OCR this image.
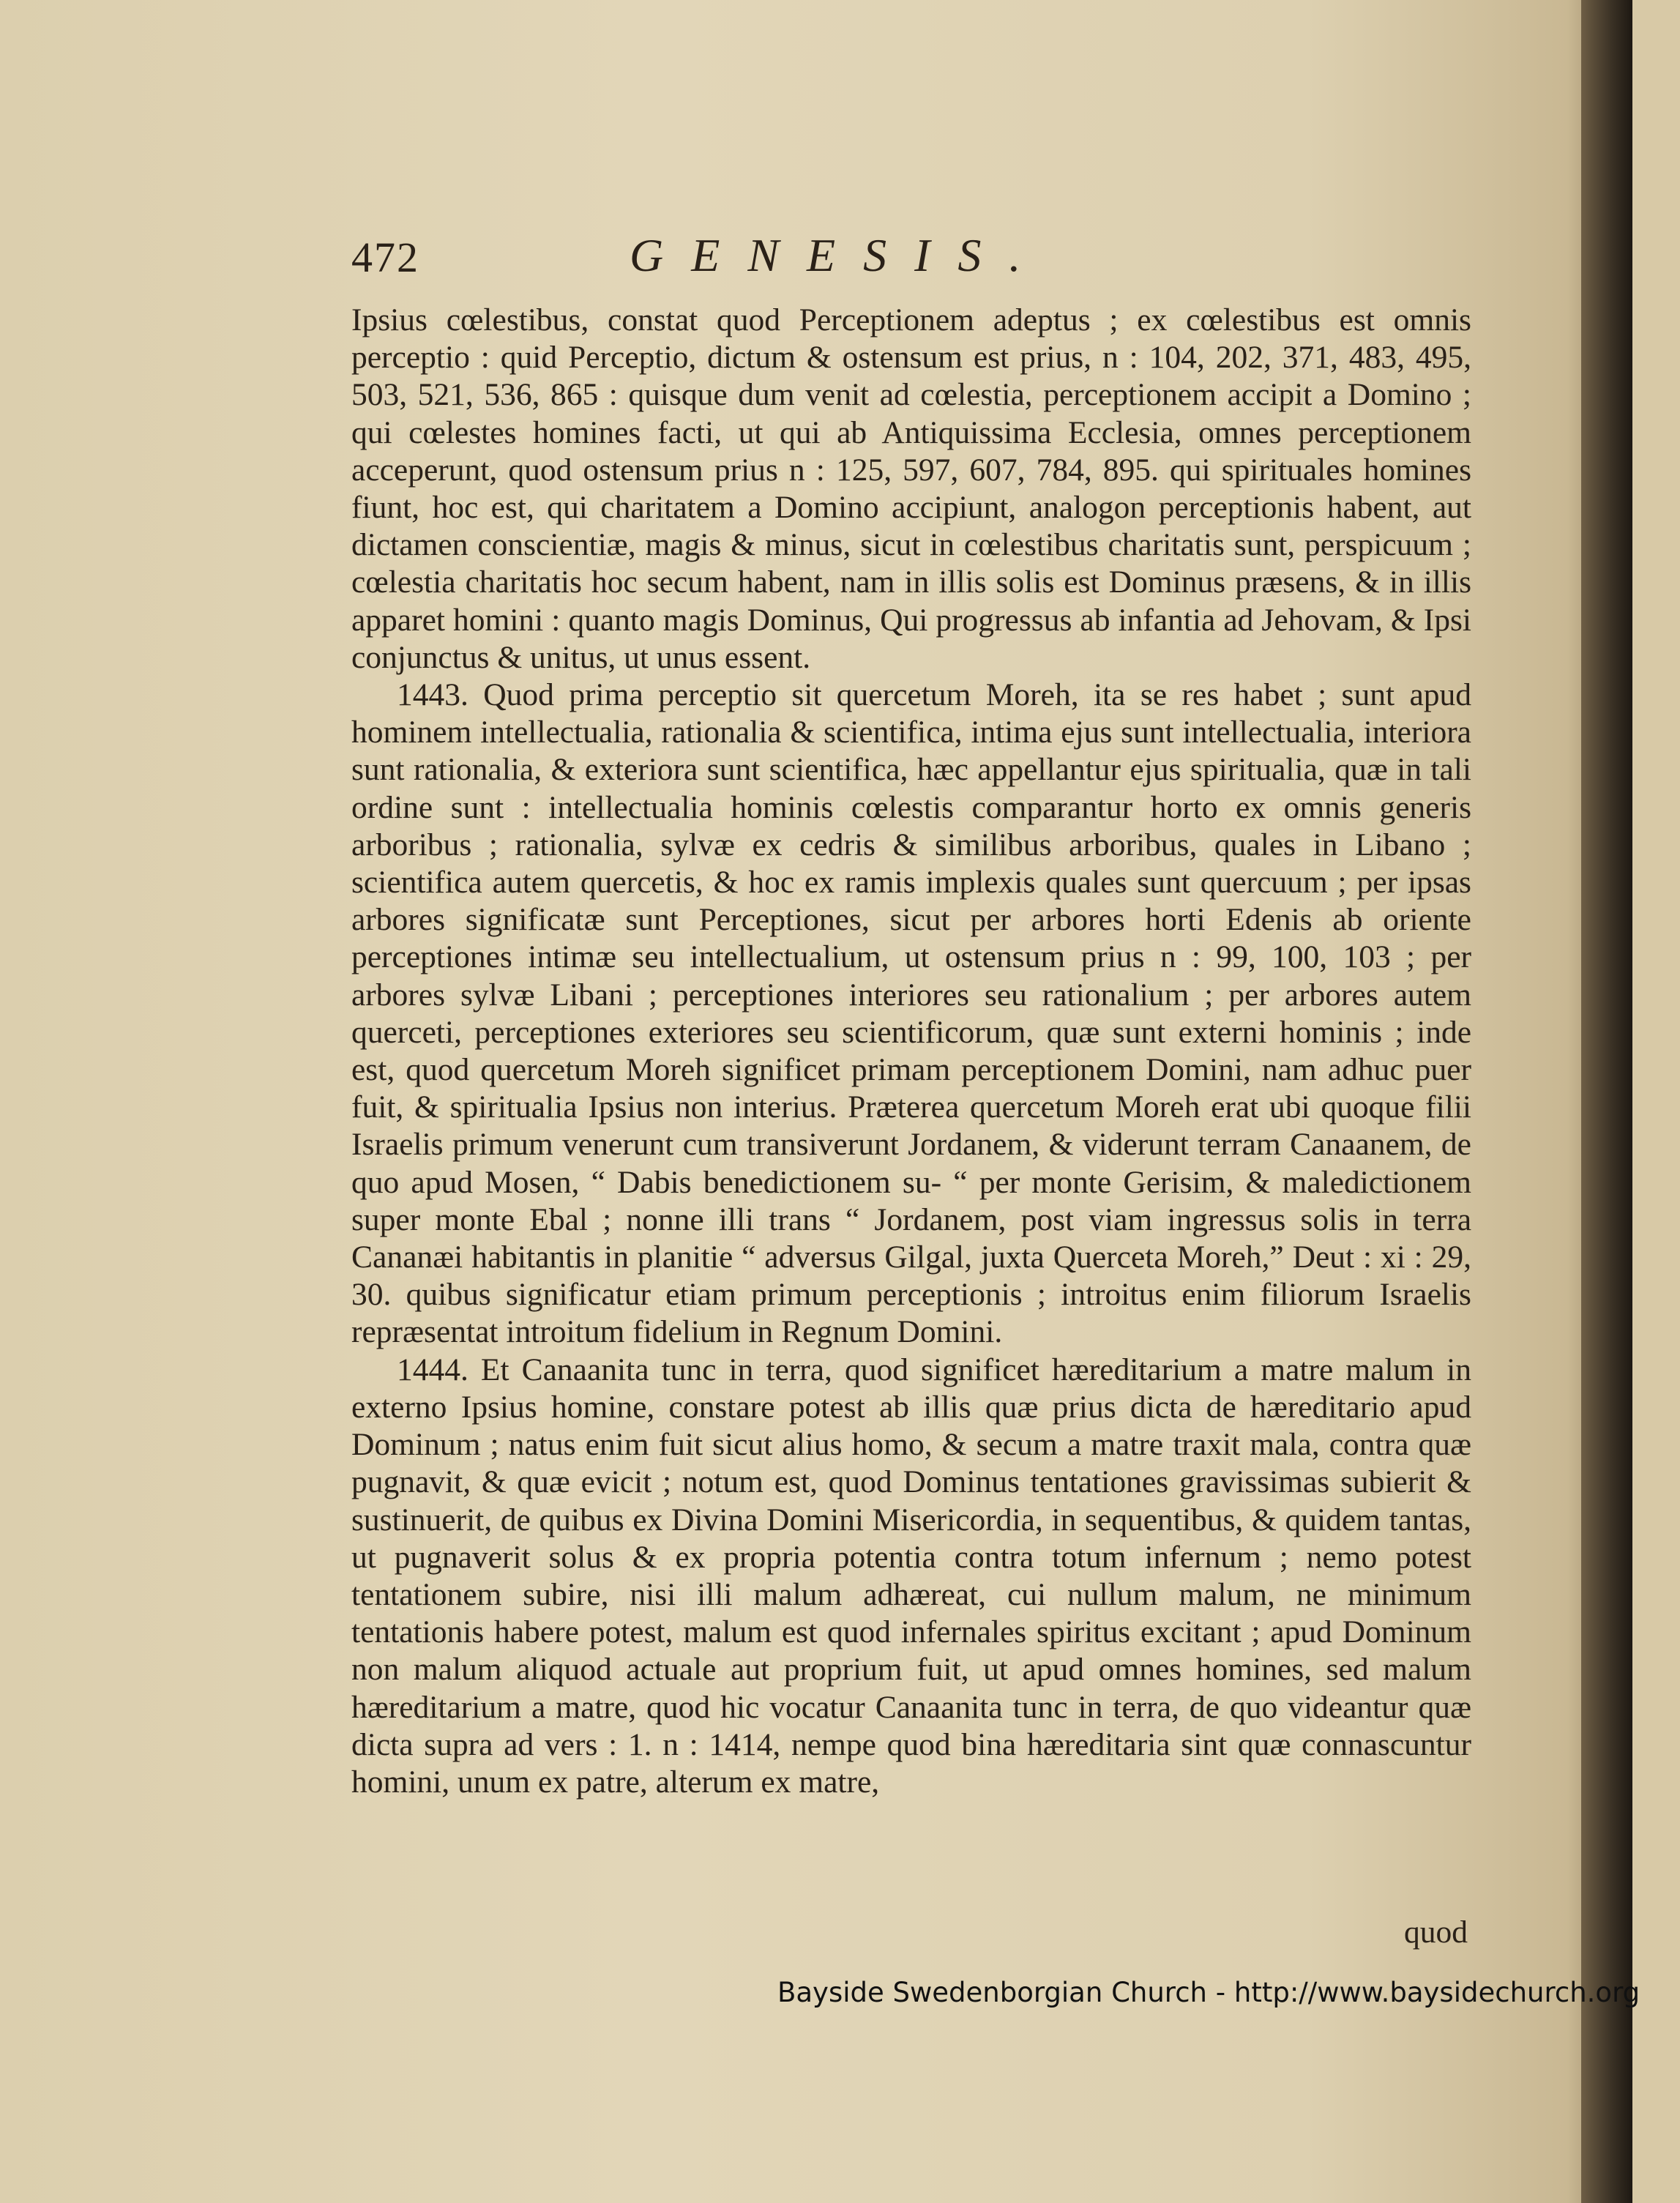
472	GENESIS.

Ipsius cœlestibus, constat quod Perceptionem adeptus ; ex cœlestibus est omnis perceptio : quid Perceptio, dictum & ostensum est prius, n : 104, 202, 371, 483, 495, 503, 521, 536, 865 : quisque dum venit ad cœlestia, perceptionem accipit a Domino ; qui cœlestes homines facti, ut qui ab Antiquissima Ecclesia, omnes perceptionem acceperunt, quod ostensum prius n : 125, 597, 607, 784, 895. qui spirituales homines fiunt, hoc est, qui charitatem a Domino accipiunt, analogon perceptionis habent, aut dictamen conscientiæ, magis & minus, sicut in cœlestibus charitatis sunt, perspicuum ; cœlestia charitatis hoc secum habent, nam in illis solis est Dominus præsens, & in illis apparet homini : quanto magis Dominus, Qui progressus ab infantia ad Jehovam, & Ipsi conjunctus & unitus, ut unus essent.

1443. Quod prima perceptio sit quercetum Moreh, ita se res habet ; sunt apud hominem intellectualia, rationalia & scientifica, intima ejus sunt intellectualia, interiora sunt rationalia, & exteriora sunt scientifica, hæc appellantur ejus spiritualia, quæ in tali ordine sunt : intellectualia hominis cœlestis comparantur horto ex omnis generis arboribus ; rationalia, sylvæ ex cedris & similibus arboribus, quales in Libano ; scientifica autem quercetis, & hoc ex ramis implexis quales sunt quercuum ; per ipsas arbores significatæ sunt Perceptiones, sicut per arbores horti Edenis ab oriente perceptiones intimæ seu intellectualium, ut ostensum prius n : 99, 100, 103 ; per arbores sylvæ Libani ; perceptiones interiores seu rationalium ; per arbores autem querceti, perceptiones exteriores seu scientificorum, quæ sunt externi hominis ; inde est, quod quercetum Moreh significet primam perceptionem Domini, nam adhuc puer fuit, & spiritualia Ipsius non interius. Præterea quercetum Moreh erat ubi quoque filii Israelis primum venerunt cum transiverunt Jordanem, & viderunt terram Canaanem, de quo apud Mosen, “ Dabis benedictionem su- “ per monte Gerisim, & maledictionem super monte Ebal ; nonne illi trans “ Jordanem, post viam ingressus solis in terra Cananæi habitantis in planitie “ adversus Gilgal, juxta Querceta Moreh,” Deut : xi : 29, 30. quibus significatur etiam primum perceptionis ; introitus enim filiorum Israelis repræsentat introitum fidelium in Regnum Domini.

1444. Et Canaanita tunc in terra, quod significet hæreditarium a matre malum in externo Ipsius homine, constare potest ab illis quæ prius dicta de hæreditario apud Dominum ; natus enim fuit sicut alius homo, & secum a matre traxit mala, contra quæ pugnavit, & quæ evicit ; notum est, quod Dominus tentationes gravissimas subierit & sustinuerit, de quibus ex Divina Domini Misericordia, in sequentibus, & quidem tantas, ut pugnaverit solus & ex propria potentia contra totum infernum ; nemo potest tentationem subire, nisi illi malum adhæreat, cui nullum malum, ne minimum tentationis habere potest, malum est quod infernales spiritus excitant ; apud Dominum non malum aliquod actuale aut proprium fuit, ut apud omnes homines, sed malum hæreditarium a matre, quod hic vocatur Canaanita tunc in terra, de quo videantur quæ dicta supra ad vers : 1. n : 1414, nempe quod bina hæreditaria sint quæ connascuntur homini, unum ex patre, alterum ex matre,

quod
Bayside Swedenborgian Church - http://www.baysidechurch.org
